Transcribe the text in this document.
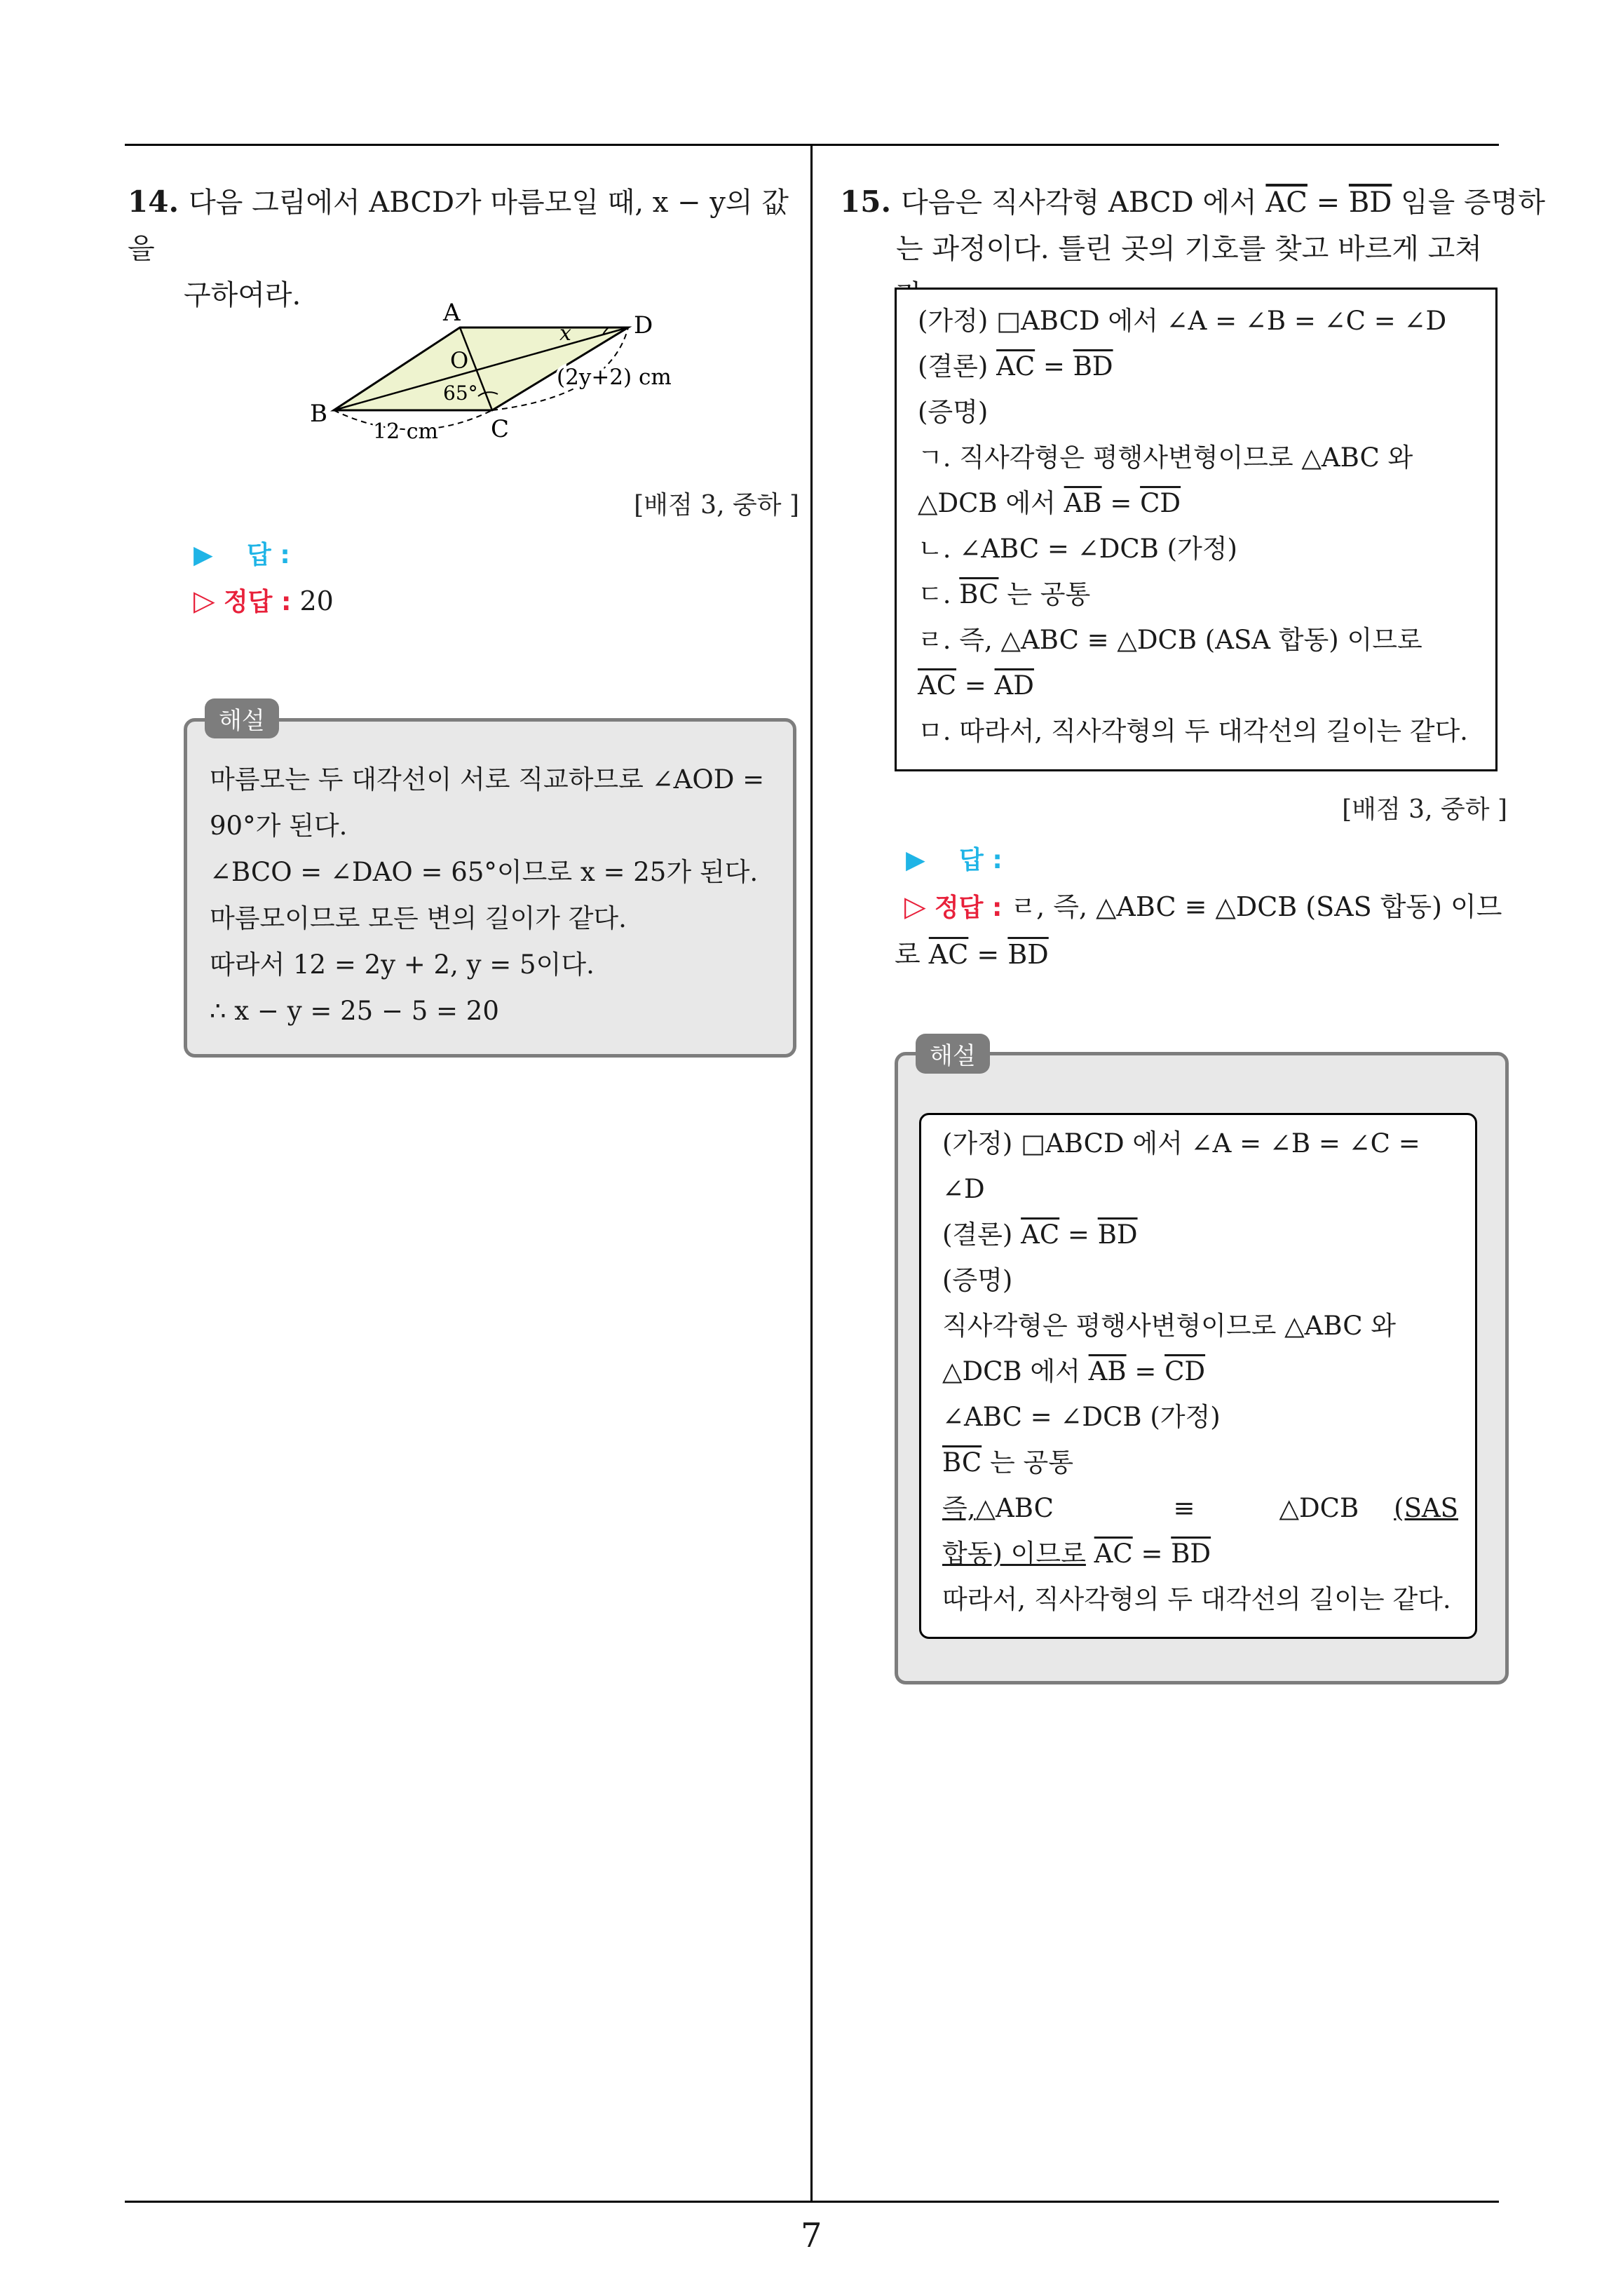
14. 다음 그림에서 ABCD가 마름모일 때, x − y의 값을
구하여라.
A
B
C
D
O
x
65°
12 cm
(2y+2) cm
[배점 3, 중하 ]
▶ 답 :
▷ 정답 : 20
마름모는 두 대각선이 서로 직교하므로 ∠AOD =
90°가 된다.
∠BCO = ∠DAO = 65°이므로 x = 25가 된다.
마름모이므로 모든 변의 길이가 같다.
따라서 12 = 2y + 2, y = 5이다.
∴ x − y = 25 − 5 = 20
해설
15. 다음은 직사각형 ABCD 에서 $\overline{AC} = \overline{BD}$ 임을 증명하
는 과정이다. 틀린 곳의 기호를 찾고 바르게 고쳐
(가정) □ABCD 에서 ∠A = ∠B = ∠C = ∠D
(결론) $\overline{AC} = \overline{BD}$
(증명)
ㄱ. 직사각형은 평행사변형이므로 △ABC 와
△DCB 에서 $\overline{AB} = \overline{CD}$
ㄴ. ∠ABC = ∠DCB (가정)
ㄷ. $\overline{BC}$ 는 공통
ㄹ. 즉, △ABC ≡ △DCB (ASA 합동) 이므로
$\overline{AC} = \overline{AD}$
ㅁ. 따라서, 직사각형의 두 대각선의 길이는 같다.
[배점 3, 중하 ]
▶ 답 :
▷ 정답 : ㄹ, 즉, △ABC ≡ △DCB (SAS 합동) 이므
로 $\overline{AC} = \overline{BD}$
(가정) □ABCD 에서 ∠A = ∠B = ∠C =
∠D
(결론) $\overline{AC} = \overline{BD}$
(증명)
직사각형은 평행사변형이므로 △ABC 와
△DCB 에서 $\overline{AB} = \overline{CD}$
∠ABC = ∠DCB (가정)
$\overline{BC}$ 는 공통
즉, △ABC	≡	△DCB (SAS
합동) 이므로 $\overline{AC} = \overline{BD}$
따라서, 직사각형의 두 대각선의 길이는 같다.
해설
7
